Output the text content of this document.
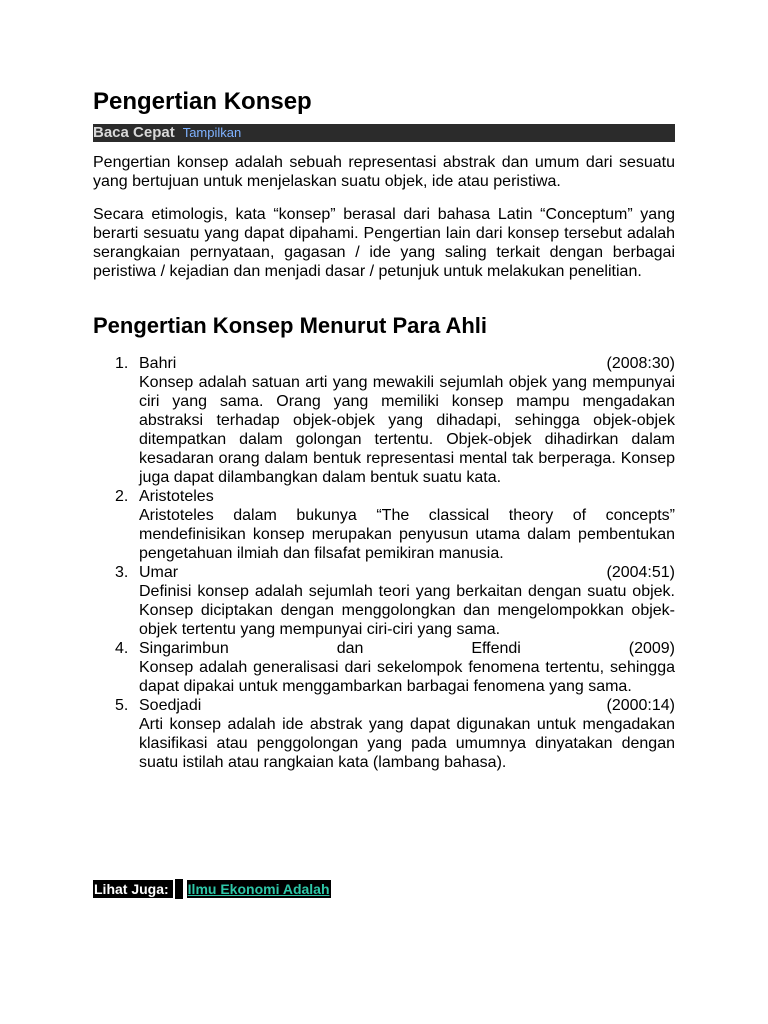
Pengertian Konsep
Baca Cepat Tampilkan

Pengertian konsep adalah sebuah representasi abstrak dan umum dari sesuatu yang bertujuan untuk menjelaskan suatu objek, ide atau peristiwa.

Secara etimologis, kata “konsep” berasal dari bahasa Latin “Conceptum” yang berarti sesuatu yang dapat dipahami. Pengertian lain dari konsep tersebut adalah serangkaian pernyataan, gagasan / ide yang saling terkait dengan berbagai peristiwa / kejadian dan menjadi dasar / petunjuk untuk melakukan penelitian.

Pengertian Konsep Menurut Para Ahli
1. Bahri	(2008:30)
Konsep adalah satuan arti yang mewakili sejumlah objek yang mempunyai ciri yang sama. Orang yang memiliki konsep mampu mengadakan abstraksi terhadap objek-objek yang dihadapi, sehingga objek-objek ditempatkan dalam golongan tertentu. Objek-objek dihadirkan dalam kesadaran orang dalam bentuk representasi mental tak berperaga. Konsep juga dapat dilambangkan dalam bentuk suatu kata.
2. Aristoteles
Aristoteles dalam bukunya “The classical theory of concepts” mendefinisikan konsep merupakan penyusun utama dalam pembentukan pengetahuan ilmiah dan filsafat pemikiran manusia.
3. Umar	(2004:51)
Definisi konsep adalah sejumlah teori yang berkaitan dengan suatu objek. Konsep diciptakan dengan menggolongkan dan mengelompokkan objek-objek tertentu yang mempunyai ciri-ciri yang sama.
4. Singarimbun	dan	Effendi	(2009)
Konsep adalah generalisasi dari sekelompok fenomena tertentu, sehingga dapat dipakai untuk menggambarkan barbagai fenomena yang sama.
5. Soedjadi	(2000:14)
Arti konsep adalah ide abstrak yang dapat digunakan untuk mengadakan klasifikasi atau penggolongan yang pada umumnya dinyatakan dengan suatu istilah atau rangkaian kata (lambang bahasa).
Lihat Juga: Ilmu Ekonomi Adalah
